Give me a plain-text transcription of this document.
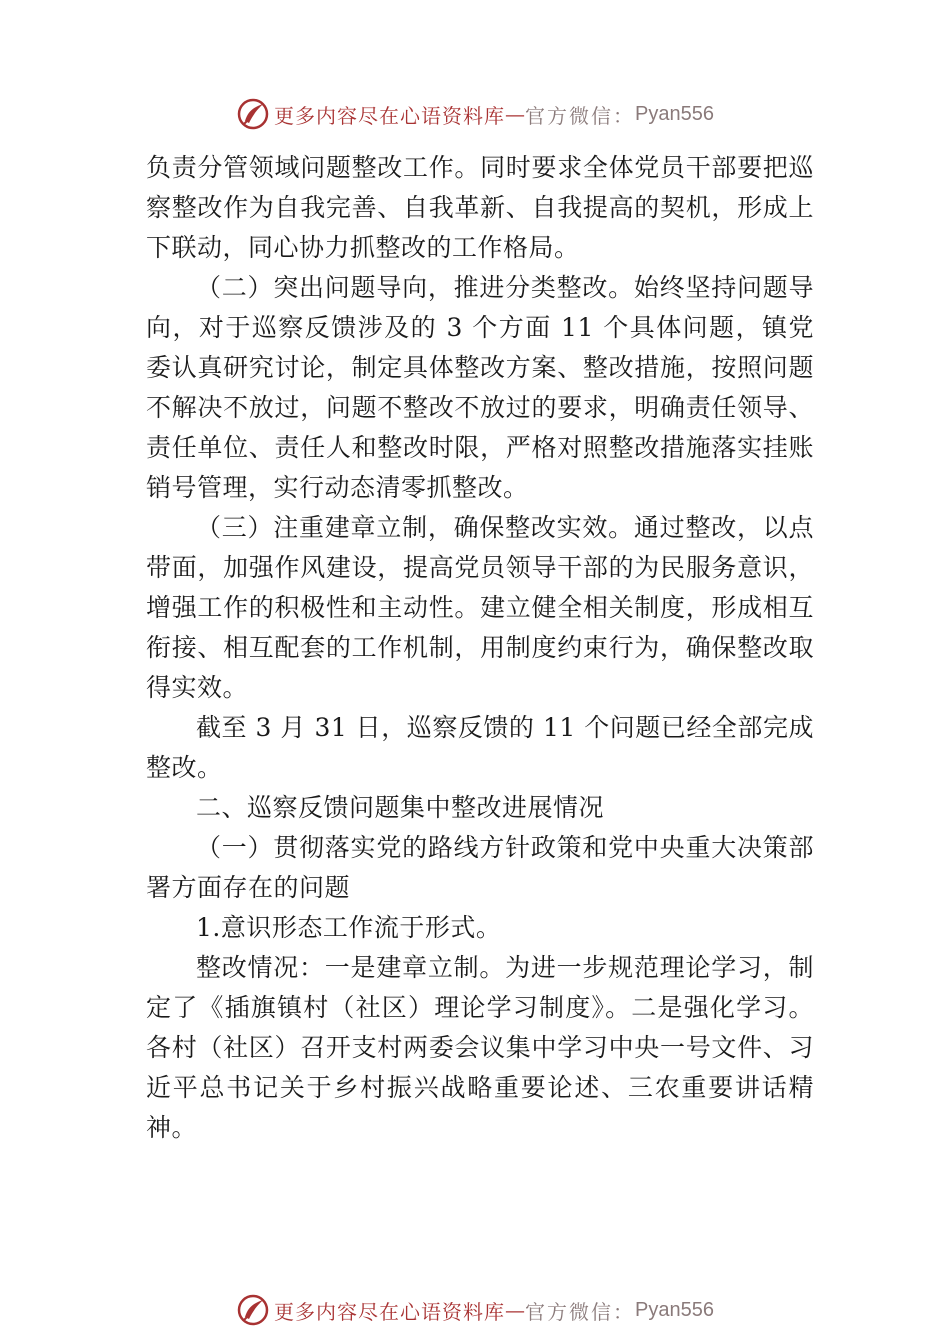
更多内容尽在心语资料库 — 官方微信： Pyan556

负责分管领域问题整改工作。同时要求全体党员干部要把巡察整改作为自我完善、自我革新、自我提高的契机，形成上下联动，同心协力抓整改的工作格局。

（二）突出问题导向，推进分类整改。始终坚持问题导向，对于巡察反馈涉及的 3 个方面 11 个具体问题，镇党委认真研究讨论，制定具体整改方案、整改措施，按照问题不解决不放过，问题不整改不放过的要求，明确责任领导、责任单位、责任人和整改时限，严格对照整改措施落实挂账销号管理，实行动态清零抓整改。

（三）注重建章立制，确保整改实效。通过整改，以点带面，加强作风建设，提高党员领导干部的为民服务意识， 增强工作的积极性和主动性。建立健全相关制度，形成相互衔接、相互配套的工作机制，用制度约束行为，确保整改取得实效。

截至 3 月 31 日，巡察反馈的 11 个问题已经全部完成整改。

二、巡察反馈问题集中整改进展情况

（一）贯彻落实党的路线方针政策和党中央重大决策部署方面存在的问题

1.意识形态工作流于形式。

整改情况：一是建章立制。为进一步规范理论学习，制定了《插旗镇村（社区）理论学习制度》。二是强化学习。各村（社区）召开支村两委会议集中学习中央一号文件、习近平总书记关于乡村振兴战略重要论述、三农重要讲话精神。

更多内容尽在心语资料库 — 官方微信： Pyan556
